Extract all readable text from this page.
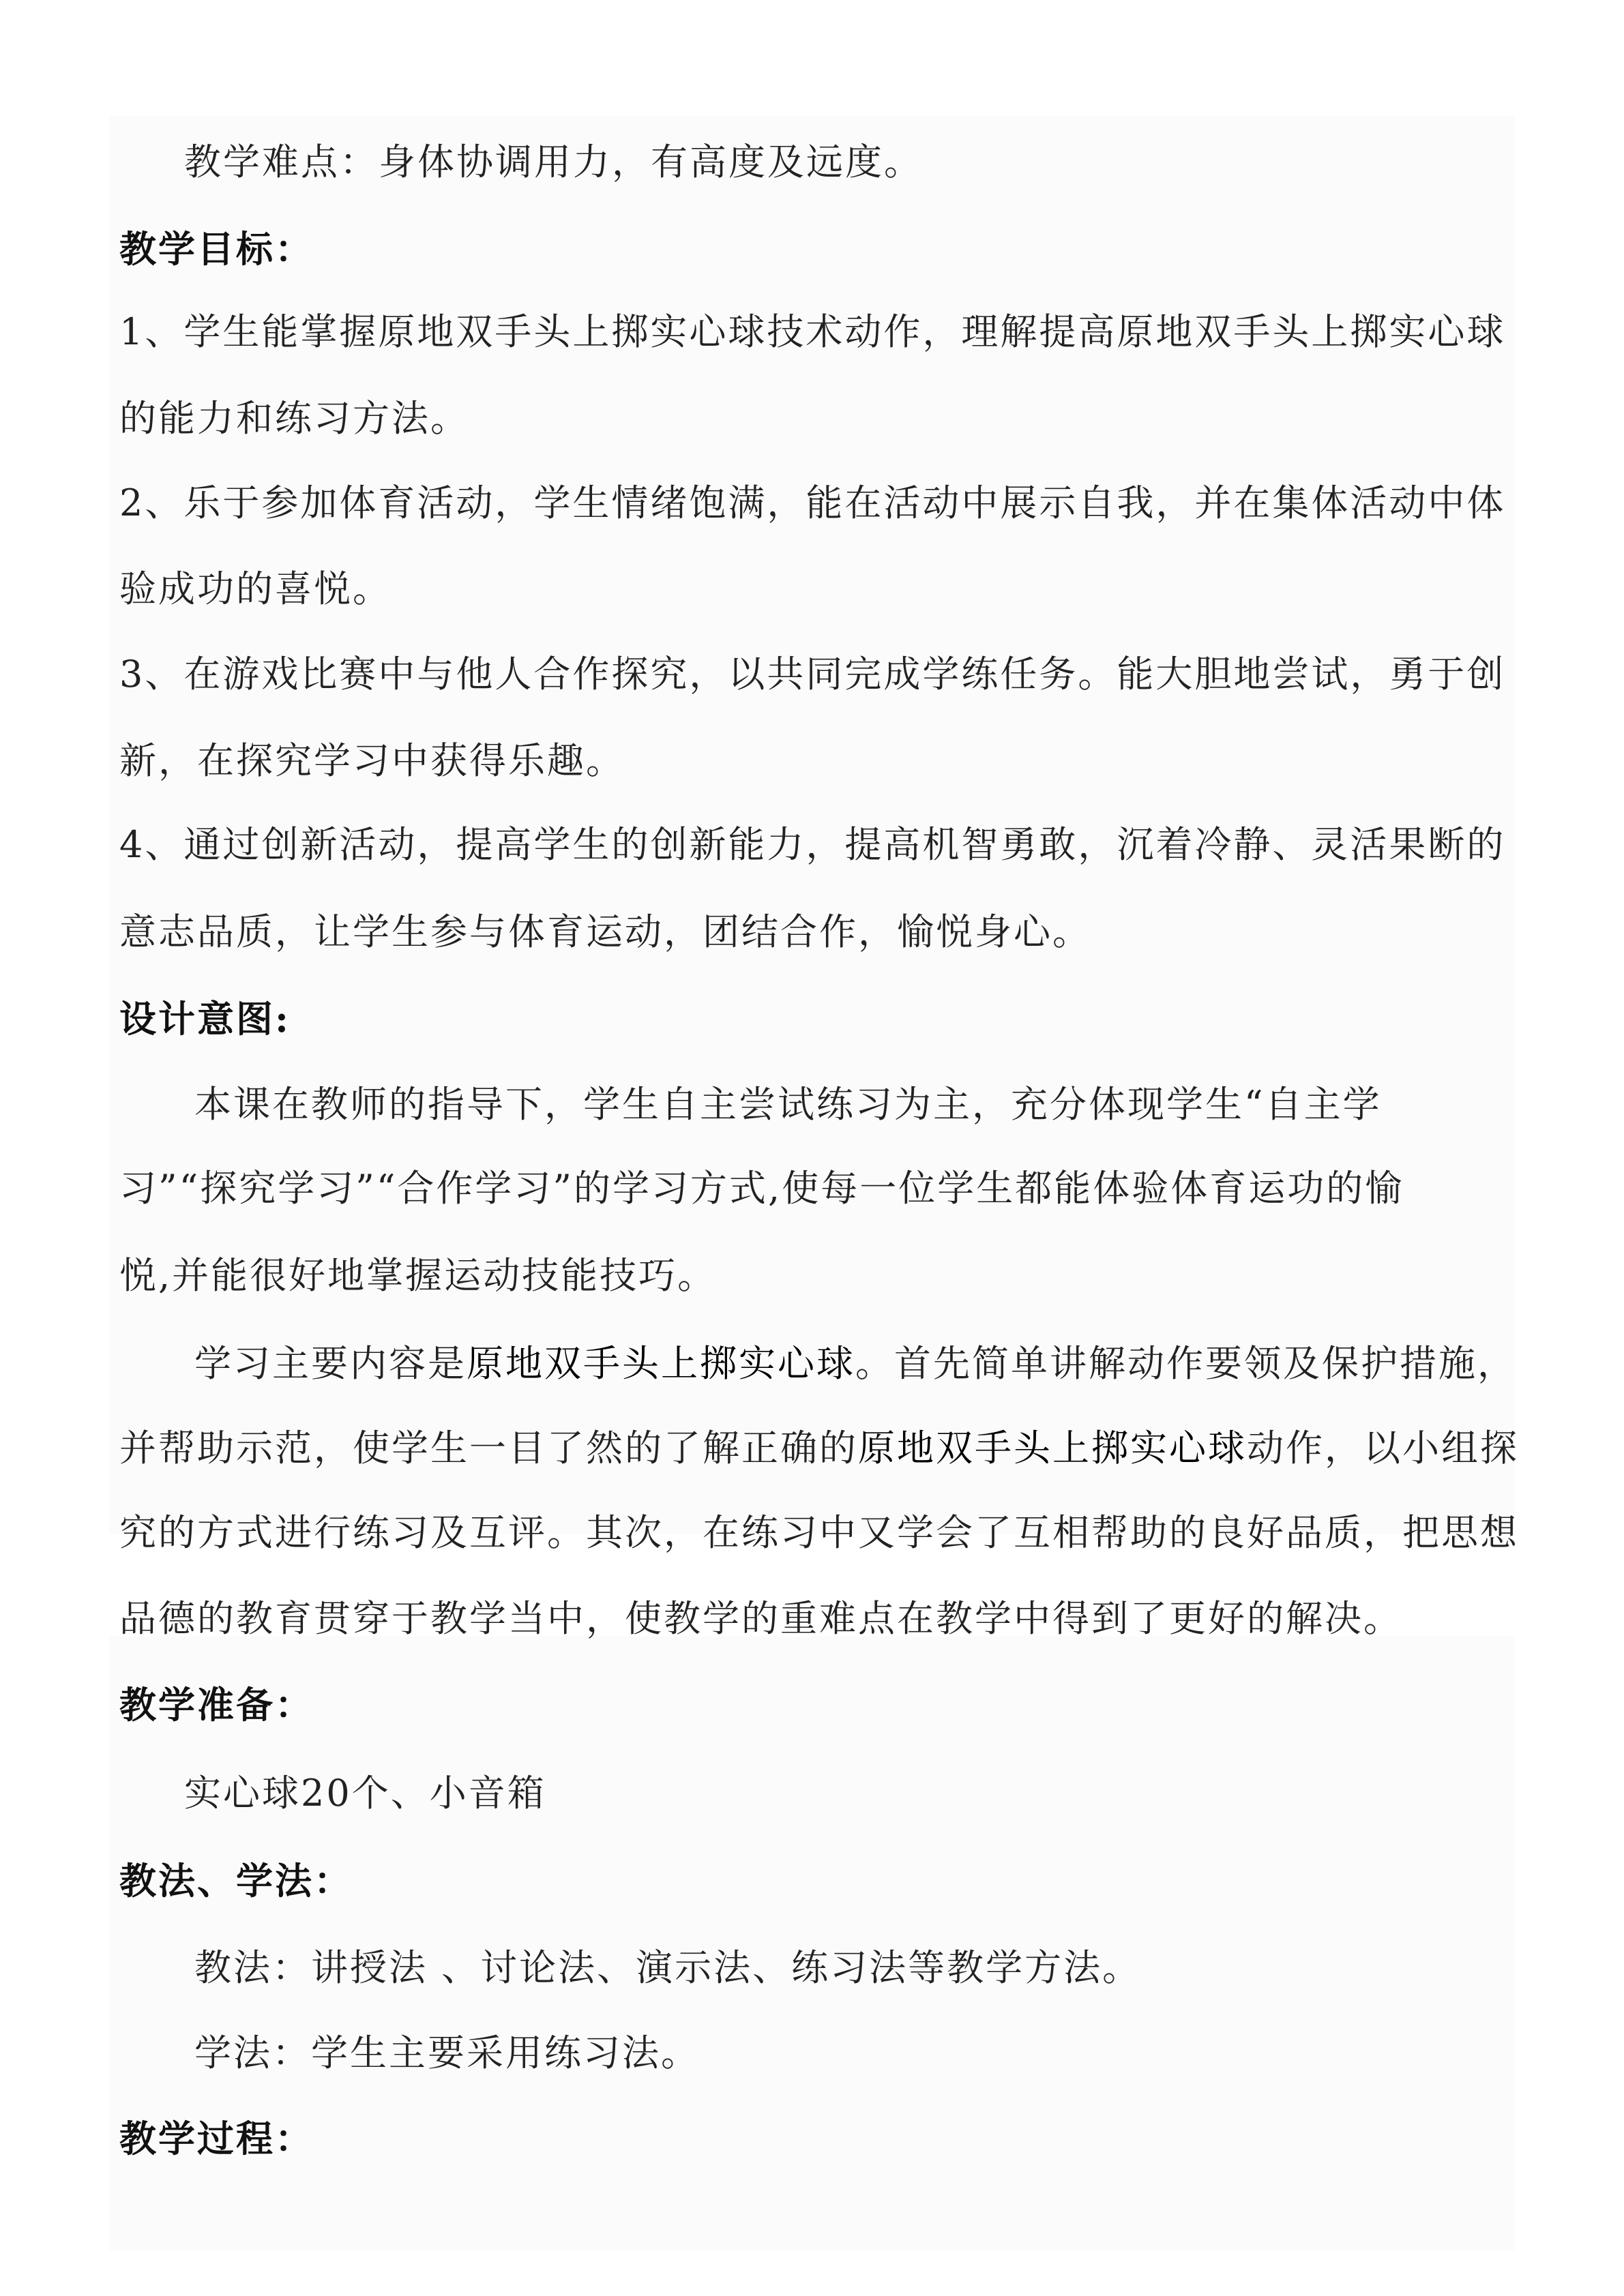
教学难点：身体协调用力，有高度及远度。
教学目标：
1、学生能掌握原地双手头上掷实心球技术动作，理解提高原地双手头上掷实心球
的能力和练习方法。
2、乐于参加体育活动，学生情绪饱满，能在活动中展示自我，并在集体活动中体
验成功的喜悦。
3、在游戏比赛中与他人合作探究，以共同完成学练任务。能大胆地尝试，勇于创
新，在探究学习中获得乐趣。
4、通过创新活动，提高学生的创新能力，提高机智勇敢，沉着冷静、灵活果断的
意志品质，让学生参与体育运动，团结合作，愉悦身心。
设计意图:
本课在教师的指导下，学生自主尝试练习为主，充分体现学生“自主学
习”“探究学习”“合作学习”的学习方式,使每一位学生都能体验体育运功的愉
悦,并能很好地掌握运动技能技巧。
学习主要内容是原地双手头上掷实心球。首先简单讲解动作要领及保护措施，
并帮助示范，使学生一目了然的了解正确的原地双手头上掷实心球动作，以小组探
究的方式进行练习及互评。其次，在练习中又学会了互相帮助的良好品质，把思想
品德的教育贯穿于教学当中，使教学的重难点在教学中得到了更好的解决。
教学准备：
实心球20个、小音箱
教法、学法：
教法：讲授法 、讨论法、演示法、练习法等教学方法。
学法：学生主要采用练习法。
教学过程：
